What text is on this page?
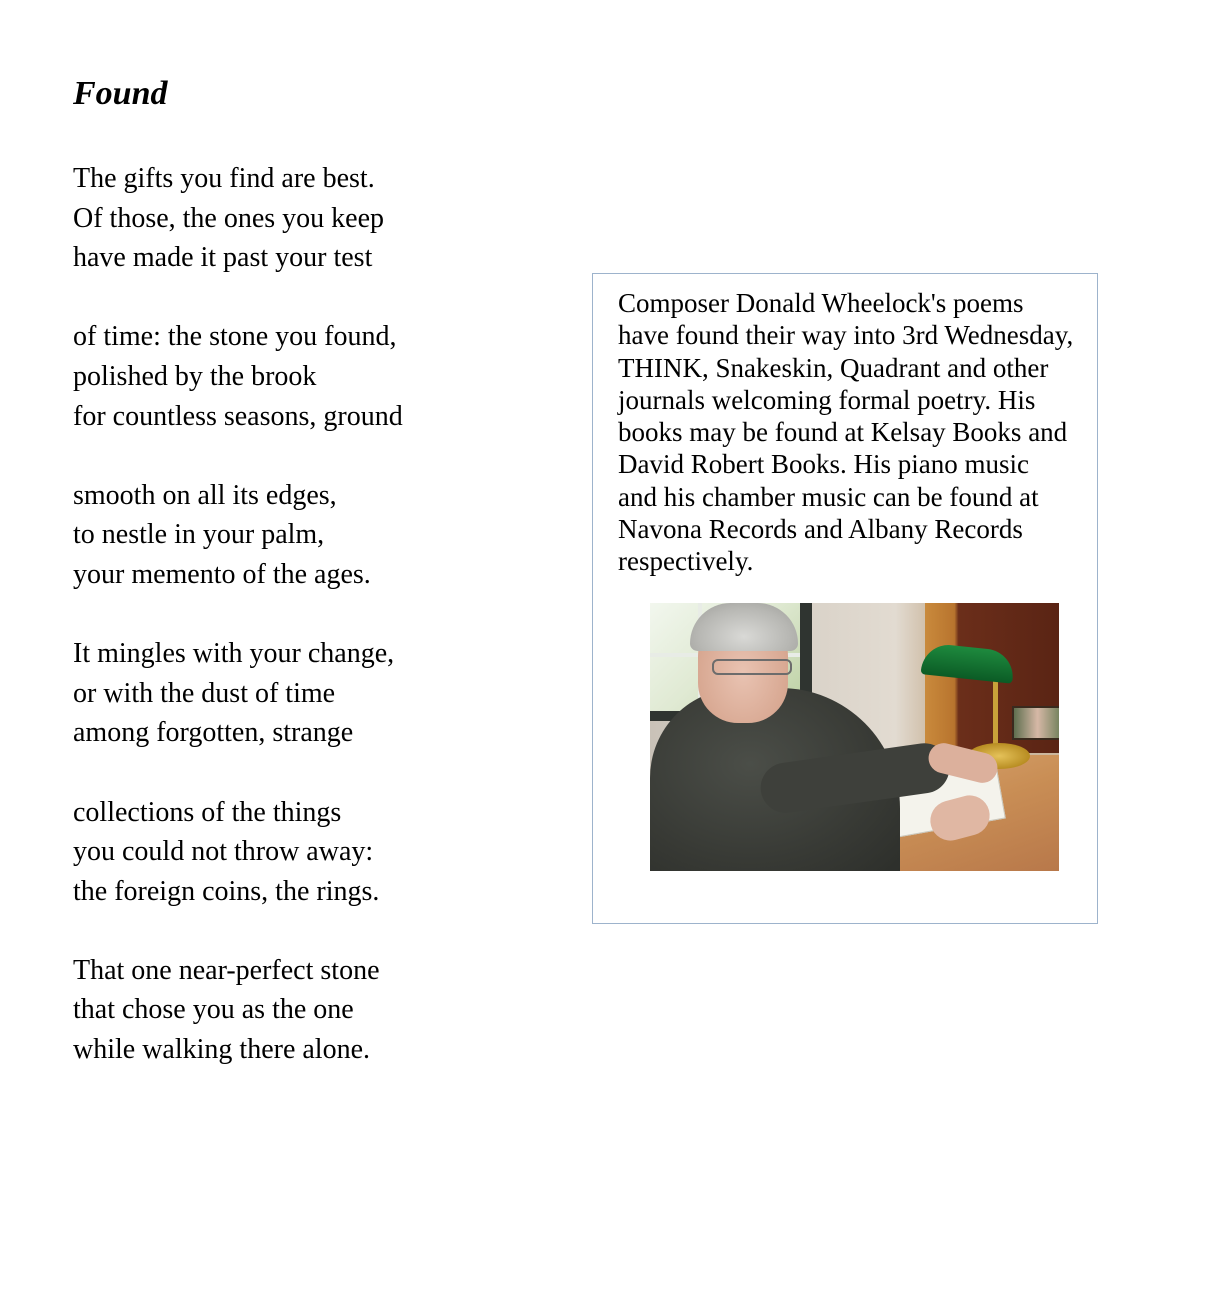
Found

The gifts you find are best.
Of those, the ones you keep
have made it past your test

of time: the stone you found,
polished by the brook
for countless seasons, ground

smooth on all its edges,
to nestle in your palm,
your memento of the ages.

It mingles with your change,
or with the dust of time
among forgotten, strange

collections of the things
you could not throw away:
the foreign coins, the rings.

That one near-perfect stone
that chose you as the one
while walking there alone.

Composer Donald Wheelock's poems
have found their way into 3rd Wednesday,
THINK, Snakeskin, Quadrant and other
journals welcoming formal poetry. His
books may be found at Kelsay Books and
David Robert Books. His piano music
and his chamber music can be found at
Navona Records and Albany Records
respectively.
